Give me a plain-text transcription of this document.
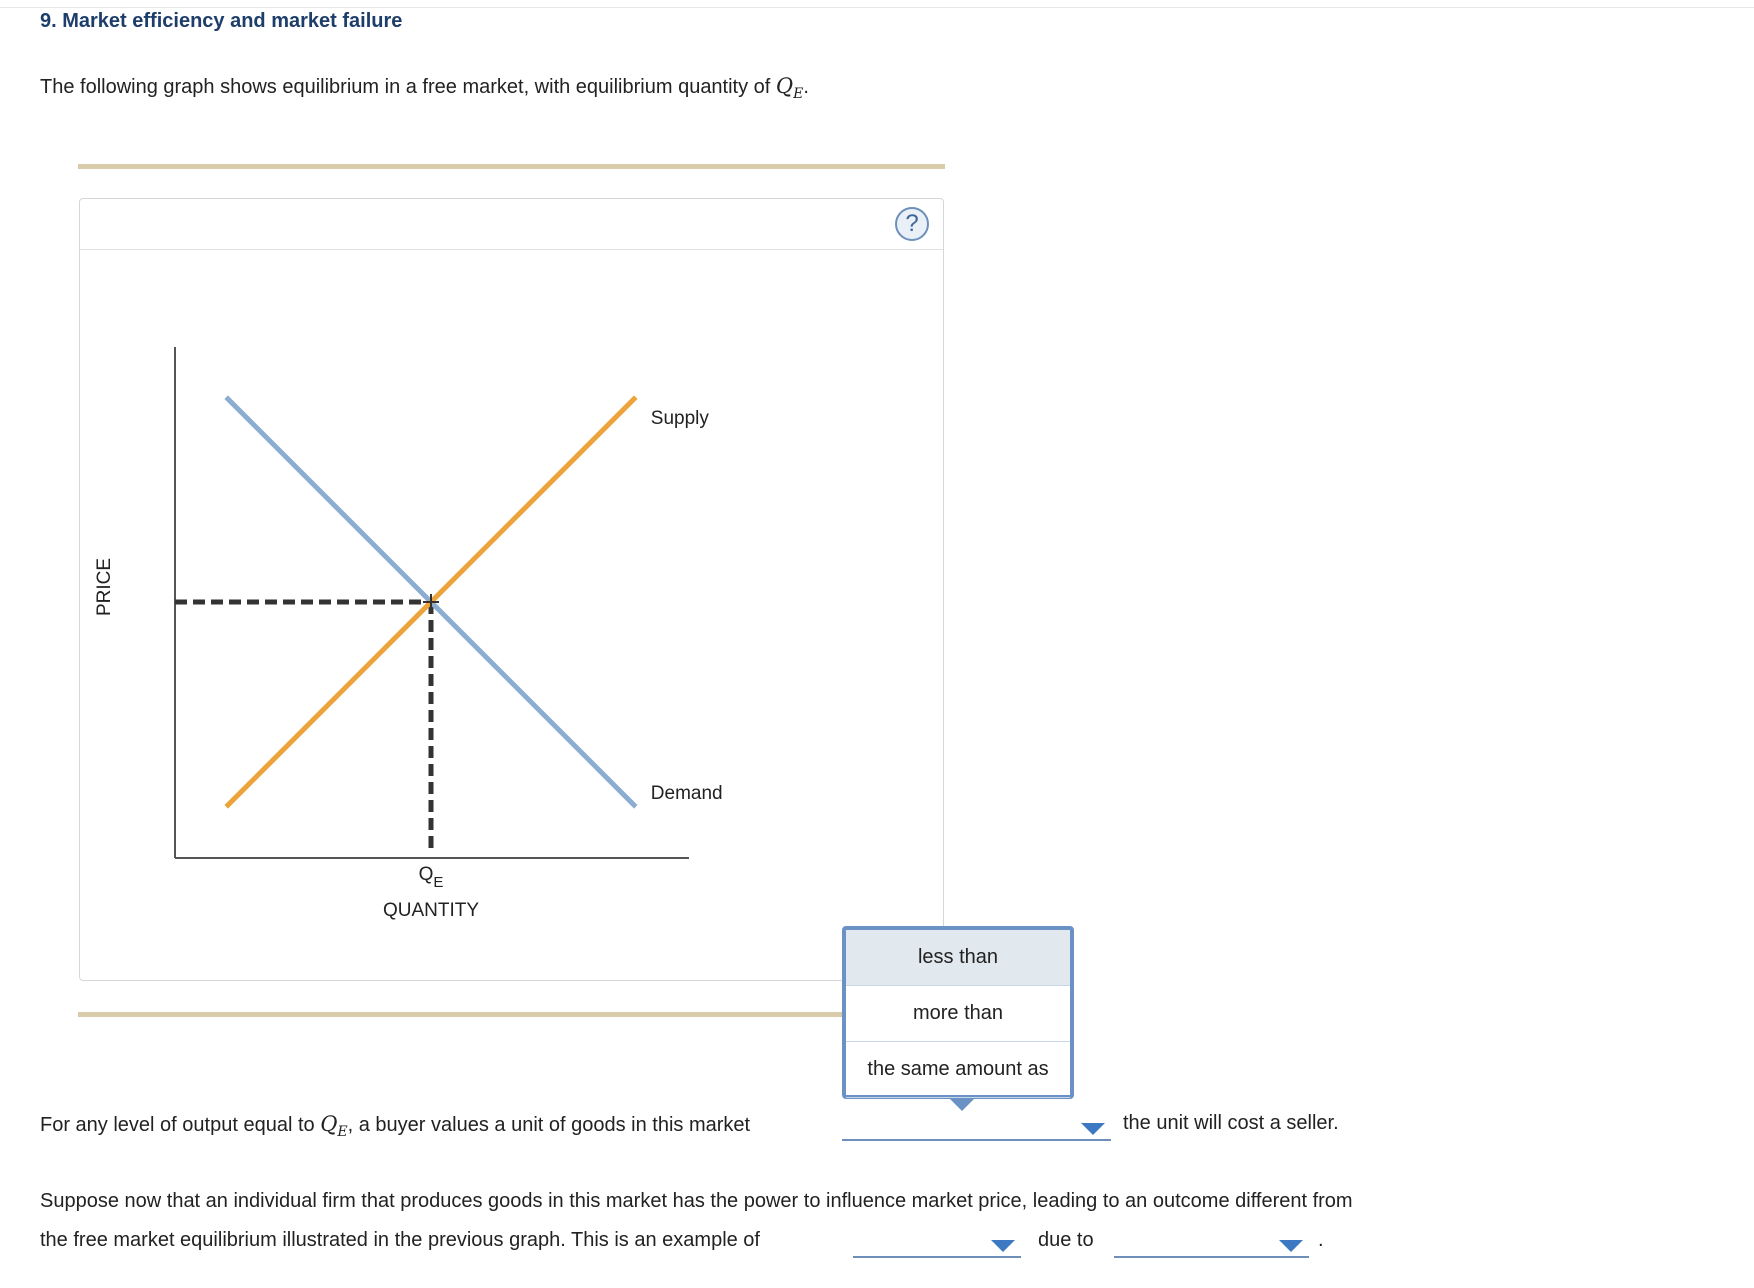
9. Market efficiency and market failure
The following graph shows equilibrium in a free market, with equilibrium quantity of $Q_E$.
?
Supply
Demand
$Q_E$
QUANTITY
PRICE
For any level of output equal to $Q_E$, a buyer values a unit of goods in this market	the unit will cost a seller.
less than
more than
the same amount as
Suppose now that an individual firm that produces goods in this market has the power to influence market price, leading to an outcome different from
the free market equilibrium illustrated in the previous graph. This is an example of	due to	.
